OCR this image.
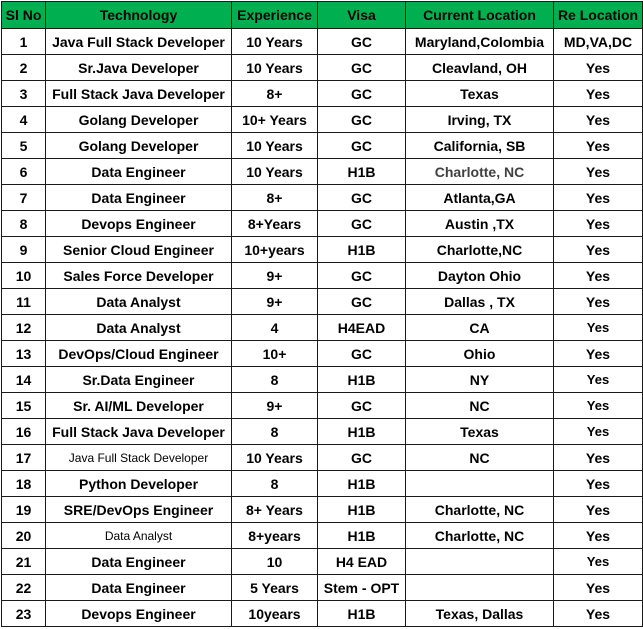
Sl No	Technology	Experience	Visa	Current Location	Re Location
1	Java Full Stack Developer	10 Years	GC	Maryland,Colombia	MD,VA,DC
2	Sr.Java Developer	10 Years	GC	Cleavland, OH	Yes
3	Full Stack Java Developer	8+	GC	Texas	Yes
4	Golang Developer	10+ Years	GC	Irving, TX	Yes
5	Golang Developer	10 Years	GC	California, SB	Yes
6	Data Engineer	10 Years	H1B	Charlotte, NC	Yes
7	Data Engineer	8+	GC	Atlanta,GA	Yes
8	Devops Engineer	8+Years	GC	Austin ,TX	Yes
9	Senior Cloud Engineer	10+years	H1B	Charlotte,NC	Yes
10	Sales Force Developer	9+	GC	Dayton Ohio	Yes
11	Data Analyst	9+	GC	Dallas , TX	Yes
12	Data Analyst	4	H4EAD	CA	Yes
13	DevOps/Cloud Engineer	10+	GC	Ohio	Yes
14	Sr.Data Engineer	8	H1B	NY	Yes
15	Sr. AI/ML Developer	9+	GC	NC	Yes
16	Full Stack Java Developer	8	H1B	Texas	Yes
17	Java Full Stack Developer	10 Years	GC	NC	Yes
18	Python Developer	8	H1B		Yes
19	SRE/DevOps Engineer	8+ Years	H1B	Charlotte, NC	Yes
20	Data Analyst	8+years	H1B	Charlotte, NC	Yes
21	Data Engineer	10	H4 EAD		Yes
22	Data Engineer	5 Years	Stem - OPT		Yes
23	Devops Engineer	10years	H1B	Texas, Dallas	Yes
